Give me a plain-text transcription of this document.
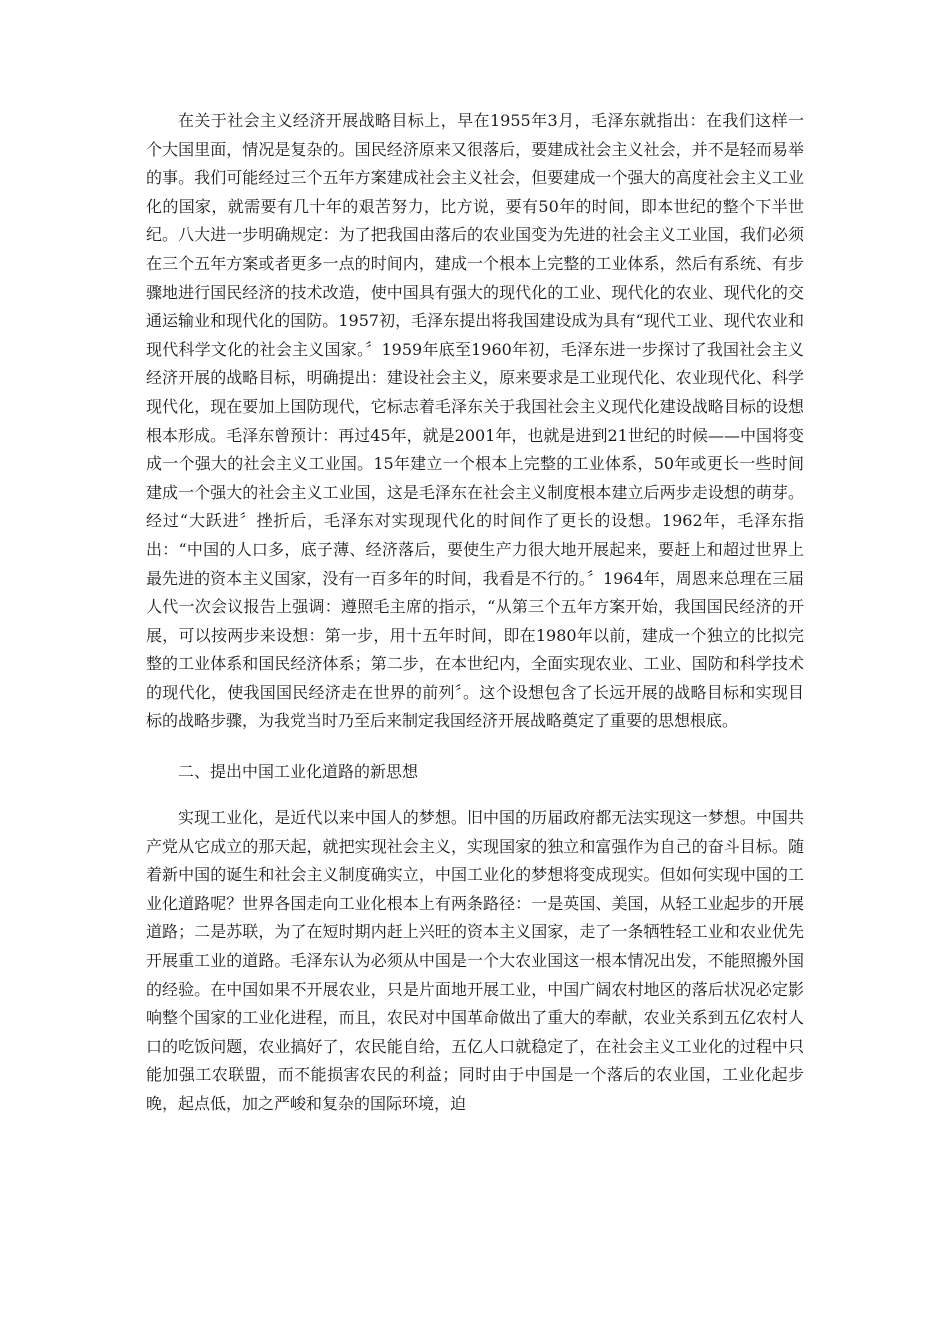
在关于社会主义经济开展战略目标上，早在1955年3月，毛泽东就指出：在我们这样一个大国里面，情况是复杂的。国民经济原来又很落后，要建成社会主义社会，并不是轻而易举的事。我们可能经过三个五年方案建成社会主义社会，但要建成一个强大的高度社会主义工业化的国家，就需要有几十年的艰苦努力，比方说，要有50年的时间，即本世纪的整个下半世纪。八大进一步明确规定：为了把我国由落后的农业国变为先进的社会主义工业国，我们必须在三个五年方案或者更多一点的时间内，建成一个根本上完整的工业体系，然后有系统、有步骤地进行国民经济的技术改造，使中国具有强大的现代化的工业、现代化的农业、现代化的交通运输业和现代化的国防。1957初，毛泽东提出将我国建设成为具有“现代工业、现代农业和现代科学文化的社会主义国家。〞1959年底至1960年初，毛泽东进一步探讨了我国社会主义经济开展的战略目标，明确提出：建设社会主义，原来要求是工业现代化、农业现代化、科学现代化，现在要加上国防现代，它标志着毛泽东关于我国社会主义现代化建设战略目标的设想根本形成。毛泽东曾预计：再过45年，就是2001年，也就是进到21世纪的时候——中国将变成一个强大的社会主义工业国。15年建立一个根本上完整的工业体系，50年或更长一些时间建成一个强大的社会主义工业国，这是毛泽东在社会主义制度根本建立后两步走设想的萌芽。经过“大跃进〞挫折后，毛泽东对实现现代化的时间作了更长的设想。1962年，毛泽东指出：“中国的人口多，底子薄、经济落后，要使生产力很大地开展起来，要赶上和超过世界上最先进的资本主义国家，没有一百多年的时间，我看是不行的。〞1964年，周恩来总理在三届人代一次会议报告上强调：遵照毛主席的指示，“从第三个五年方案开始，我国国民经济的开展，可以按两步来设想：第一步，用十五年时间，即在1980年以前，建成一个独立的比拟完整的工业体系和国民经济体系；第二步，在本世纪内，全面实现农业、工业、国防和科学技术的现代化，使我国国民经济走在世界的前列〞。这个设想包含了长远开展的战略目标和实现目标的战略步骤，为我党当时乃至后来制定我国经济开展战略奠定了重要的思想根底。

二、提出中国工业化道路的新思想

实现工业化，是近代以来中国人的梦想。旧中国的历届政府都无法实现这一梦想。中国共产党从它成立的那天起，就把实现社会主义，实现国家的独立和富强作为自己的奋斗目标。随着新中国的诞生和社会主义制度确实立，中国工业化的梦想将变成现实。但如何实现中国的工业化道路呢？世界各国走向工业化根本上有两条路径：一是英国、美国，从轻工业起步的开展道路；二是苏联，为了在短时期内赶上兴旺的资本主义国家，走了一条牺牲轻工业和农业优先开展重工业的道路。毛泽东认为必须从中国是一个大农业国这一根本情况出发，不能照搬外国的经验。在中国如果不开展农业，只是片面地开展工业，中国广阔农村地区的落后状况必定影响整个国家的工业化进程，而且，农民对中国革命做出了重大的奉献，农业关系到五亿农村人口的吃饭问题，农业搞好了，农民能自给，五亿人口就稳定了，在社会主义工业化的过程中只能加强工农联盟，而不能损害农民的利益；同时由于中国是一个落后的农业国，工业化起步晚，起点低，加之严峻和复杂的国际环境，迫
